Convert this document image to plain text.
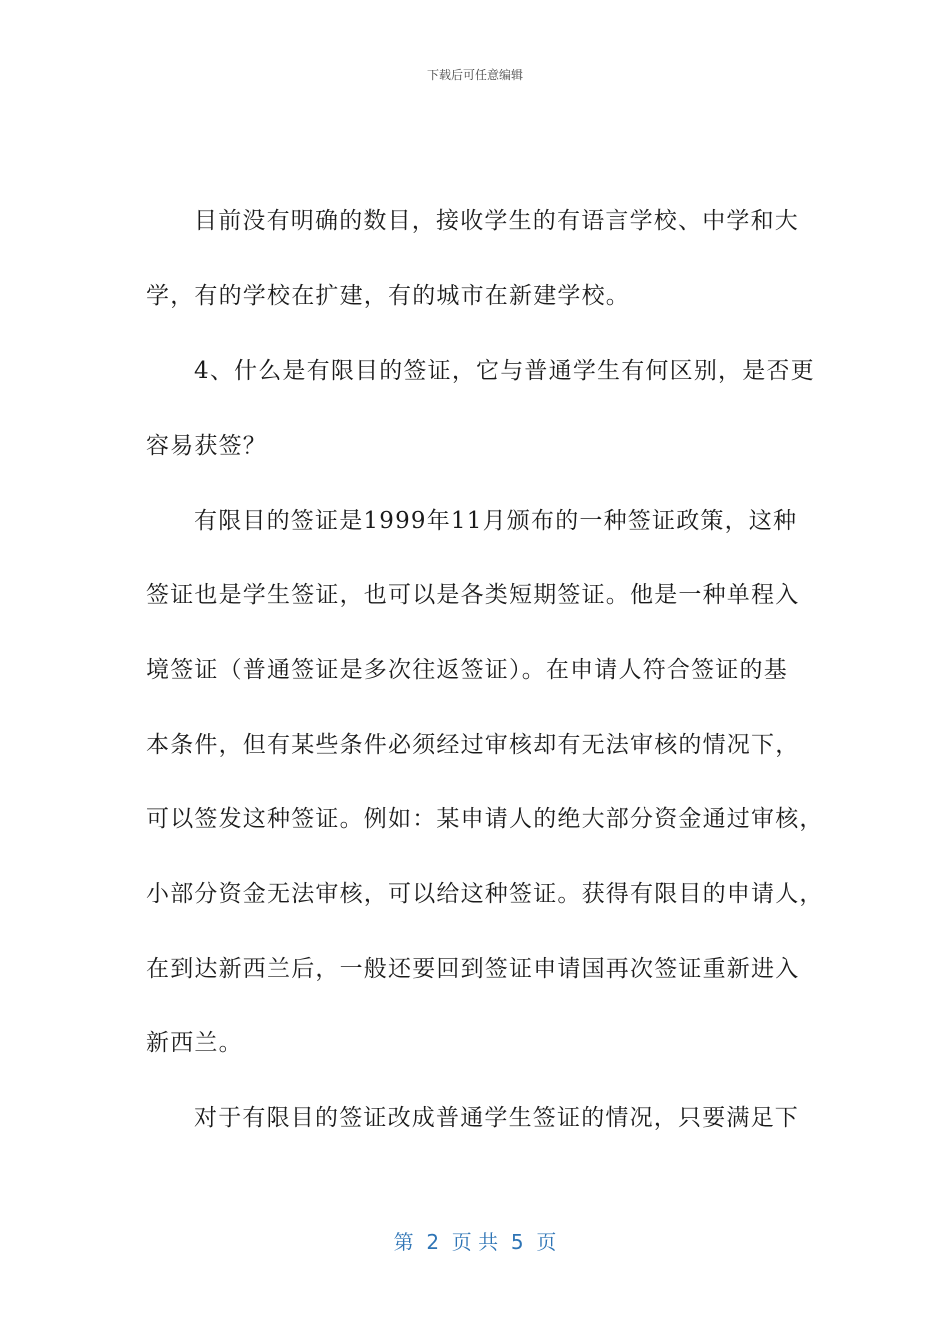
下载后可任意编辑
目前没有明确的数目，接收学生的有语言学校、中学和大
学，有的学校在扩建，有的城市在新建学校。
4、什么是有限目的签证，它与普通学生有何区别，是否更
容易获签？
有限目的签证是1999年11月颁布的一种签证政策，这种
签证也是学生签证，也可以是各类短期签证。他是一种单程入
境签证（普通签证是多次往返签证）。在申请人符合签证的基
本条件，但有某些条件必须经过审核却有无法审核的情况下，
可以签发这种签证。例如：某申请人的绝大部分资金通过审核，
小部分资金无法审核，可以给这种签证。获得有限目的申请人，
在到达新西兰后，一般还要回到签证申请国再次签证重新进入
新西兰。
对于有限目的签证改成普通学生签证的情况，只要满足下
第  2  页 共  5  页
